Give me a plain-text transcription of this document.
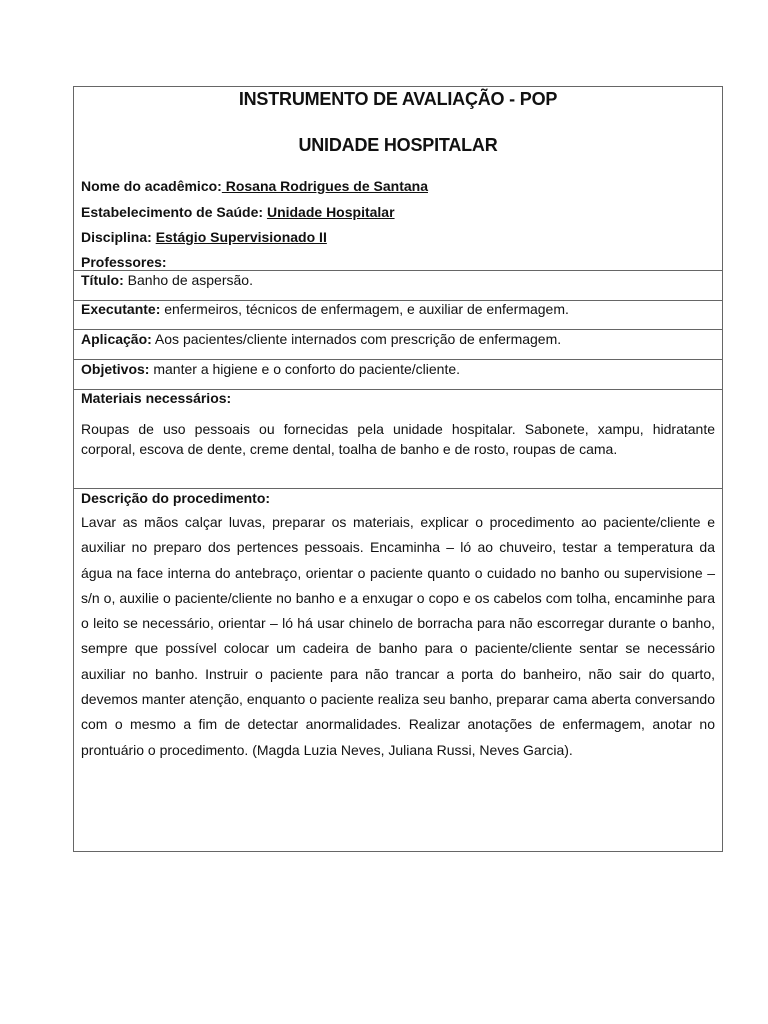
INSTRUMENTO DE AVALIAÇÃO - POP
UNIDADE HOSPITALAR
Nome do acadêmico: Rosana Rodrigues de Santana
Estabelecimento de Saúde: Unidade Hospitalar
Disciplina: Estágio Supervisionado II
Professores:
Título: Banho de aspersão.
Executante: enfermeiros, técnicos de enfermagem, e auxiliar de enfermagem.
Aplicação: Aos pacientes/cliente internados com prescrição de enfermagem.
Objetivos: manter a higiene e o conforto do paciente/cliente.
Materiais necessários:
Roupas de uso pessoais ou fornecidas pela unidade hospitalar. Sabonete, xampu, hidratante corporal, escova de dente, creme dental, toalha de banho e de rosto, roupas de cama.
Descrição do procedimento:
Lavar as mãos calçar luvas, preparar os materiais, explicar o procedimento ao paciente/cliente e auxiliar no preparo dos pertences pessoais. Encaminha – ló ao chuveiro, testar a temperatura da água na face interna do antebraço, orientar o paciente quanto o cuidado no banho ou supervisione – s/n o, auxilie o paciente/cliente no banho e a enxugar o copo e os cabelos com tolha, encaminhe para o leito se necessário, orientar – ló há usar chinelo de borracha para não escorregar durante o banho, sempre que possível colocar um cadeira de banho para o paciente/cliente sentar se necessário auxiliar no banho. Instruir o paciente para não trancar a porta do banheiro, não sair do quarto, devemos manter atenção, enquanto o paciente realiza seu banho, preparar cama aberta conversando com o mesmo a fim de detectar anormalidades. Realizar anotações de enfermagem, anotar no prontuário o procedimento. (Magda Luzia Neves, Juliana Russi, Neves Garcia).
